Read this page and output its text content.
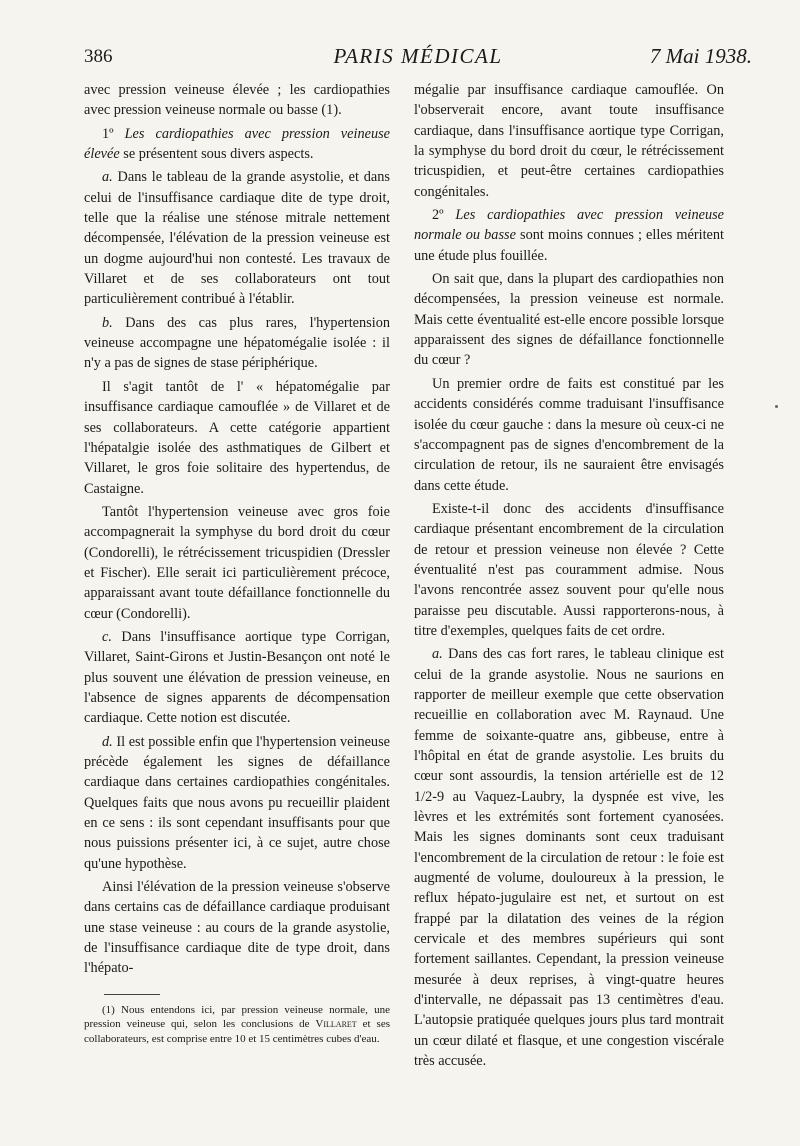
386	PARIS MÉDICAL	7 Mai 1938.

avec pression veineuse élevée ; les cardiopathies avec pression veineuse normale ou basse (1).

1º Les cardiopathies avec pression veineuse élevée se présentent sous divers aspects.

a. Dans le tableau de la grande asystolie, et dans celui de l'insuffisance cardiaque dite de type droit, telle que la réalise une sténose mitrale nettement décompensée, l'élévation de la pression veineuse est un dogme aujourd'hui non contesté. Les travaux de Villaret et de ses collaborateurs ont tout particulièrement contribué à l'établir.

b. Dans des cas plus rares, l'hypertension veineuse accompagne une hépatomégalie isolée : il n'y a pas de signes de stase périphérique.

Il s'agit tantôt de l' « hépatomégalie par insuffisance cardiaque camouflée » de Villaret et de ses collaborateurs. A cette catégorie appartient l'hépatalgie isolée des asthmatiques de Gilbert et Villaret, le gros foie solitaire des hypertendus, de Castaigne.

Tantôt l'hypertension veineuse avec gros foie accompagnerait la symphyse du bord droit du cœur (Condorelli), le rétrécissement tricuspidien (Dressler et Fischer). Elle serait ici particulièrement précoce, apparaissant avant toute défaillance fonctionnelle du cœur (Condorelli).

c. Dans l'insuffisance aortique type Corrigan, Villaret, Saint-Girons et Justin-Besançon ont noté le plus souvent une élévation de pression veineuse, en l'absence de signes apparents de décompensation cardiaque. Cette notion est discutée.

d. Il est possible enfin que l'hypertension veineuse précède également les signes de défaillance cardiaque dans certaines cardiopathies congénitales. Quelques faits que nous avons pu recueillir plaident en ce sens : ils sont cependant insuffisants pour que nous puissions présenter ici, à ce sujet, autre chose qu'une hypothèse.

Ainsi l'élévation de la pression veineuse s'observe dans certains cas de défaillance cardiaque produisant une stase veineuse : au cours de la grande asystolie, de l'insuffisance cardiaque dite de type droit, dans l'hépato-

(1) Nous entendons ici, par pression veineuse normale, une pression veineuse qui, selon les conclusions de Villaret et ses collaborateurs, est comprise entre 10 et 15 centimètres cubes d'eau.

mégalie par insuffisance cardiaque camouflée. On l'observerait encore, avant toute insuffisance cardiaque, dans l'insuffisance aortique type Corrigan, la symphyse du bord droit du cœur, le rétrécissement tricuspidien, et peut-être certaines cardiopathies congénitales.

2º Les cardiopathies avec pression veineuse normale ou basse sont moins connues ; elles méritent une étude plus fouillée.

On sait que, dans la plupart des cardiopathies non décompensées, la pression veineuse est normale. Mais cette éventualité est-elle encore possible lorsque apparaissent des signes de défaillance fonctionnelle du cœur ?

Un premier ordre de faits est constitué par les accidents considérés comme traduisant l'insuffisance isolée du cœur gauche : dans la mesure où ceux-ci ne s'accompagnent pas de signes d'encombrement de la circulation de retour, ils ne sauraient être envisagés dans cette étude.

Existe-t-il donc des accidents d'insuffisance cardiaque présentant encombrement de la circulation de retour et pression veineuse non élevée ? Cette éventualité n'est pas couramment admise. Nous l'avons rencontrée assez souvent pour qu'elle nous paraisse peu discutable. Aussi rapporterons-nous, à titre d'exemples, quelques faits de cet ordre.

a. Dans des cas fort rares, le tableau clinique est celui de la grande asystolie. Nous ne saurions en rapporter de meilleur exemple que cette observation recueillie en collaboration avec M. Raynaud. Une femme de soixante-quatre ans, gibbeuse, entre à l'hôpital en état de grande asystolie. Les bruits du cœur sont assourdis, la tension artérielle est de 12 1/2-9 au Vaquez-Laubry, la dyspnée est vive, les lèvres et les extrémités sont fortement cyanosées. Mais les signes dominants sont ceux traduisant l'encombrement de la circulation de retour : le foie est augmenté de volume, douloureux à la pression, le reflux hépato-jugulaire est net, et surtout on est frappé par la dilatation des veines de la région cervicale et des membres supérieurs qui sont fortement saillantes. Cependant, la pression veineuse mesurée à deux reprises, à vingt-quatre heures d'intervalle, ne dépassait pas 13 centimètres d'eau. L'autopsie pratiquée quelques jours plus tard montrait un cœur dilaté et flasque, et une congestion viscérale très accusée.
